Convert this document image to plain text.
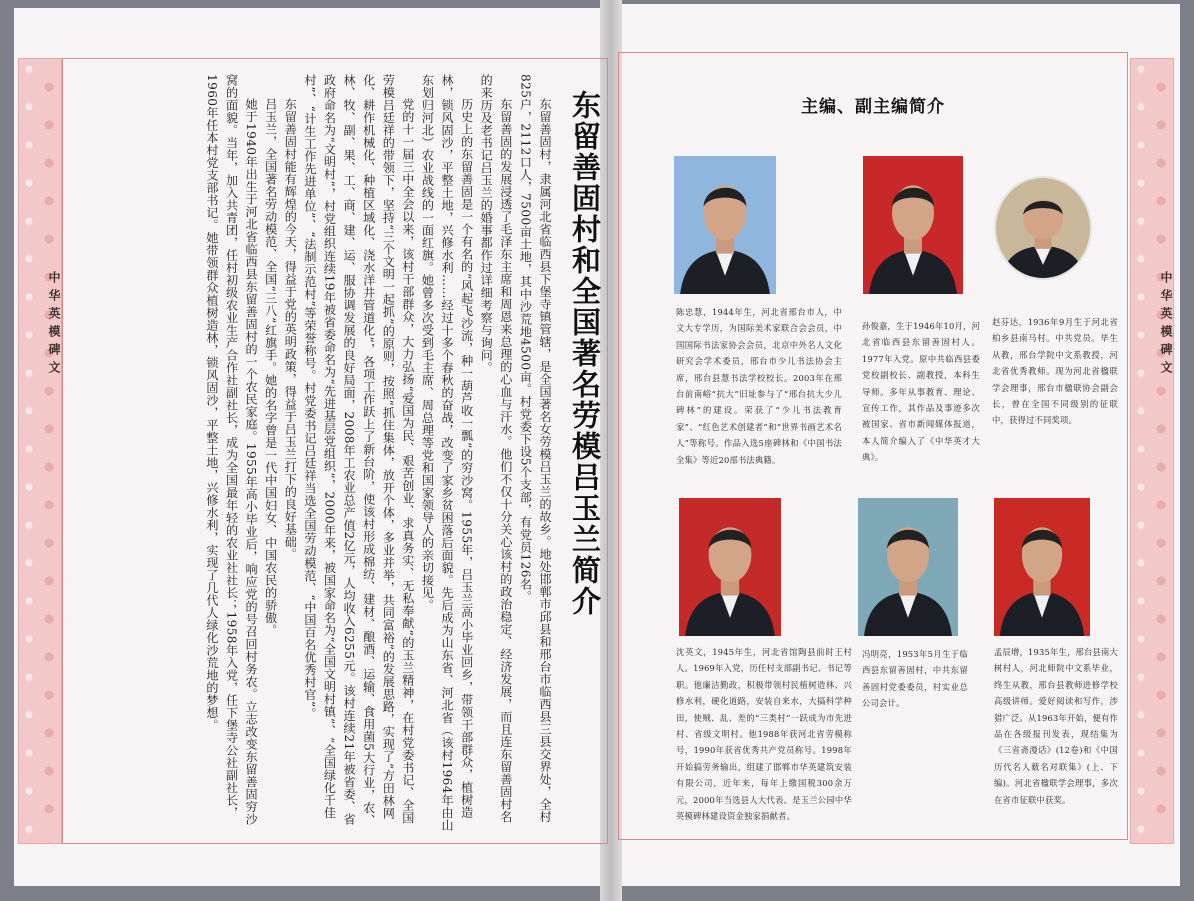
中华英模碑文	中华英模碑文
东留善固村和全国著名劳模吕玉兰简介

东留善固村，隶属河北省临西县下堡寺镇管辖，是全国著名女劳模吕玉兰的故乡。地处邯郸市邱县和邢台市临西县三县交界处，全村825户，2112口人，7500亩土地，其中沙荒地4500亩。村党委下设5个支部，有党员126名。

东留善固的发展浸透了毛泽东主席和周恩来总理的心血与汗水。他们不仅十分关心该村的政治稳定、经济发展，而且连东留善固村名的来历及老书记吕玉兰的婚事都作过详细考察与询问。

历史上的东留善固是一个有名的“风起飞沙流，种一葫芦收一瓢”的穷沙窝。1955年，吕玉兰高小毕业回乡，带领干部群众，植树造林，锁风固沙，平整土地，兴修水利……经过十多个春秋的奋战，改变了家乡贫困落后面貌。先后成为山东省、河北省（该村1964年由山东划归河北）农业战线的一面红旗。她曾多次受到毛主席、周总理等党和国家领导人的亲切接见。

党的十一届三中全会以来，该村干部群众，大力弘扬“爱国为民、艰苦创业、求真务实、无私奉献”的玉兰精神，在村党委书记、全国劳模吕廷祥的带领下，坚持“三个文明一起抓”的原则，按照“抓住集体，放开个体，多业并举，共同富裕”的发展思路，实现了“方田林网化、耕作机械化、种植区域化、浇水洋井管道化”，各项工作跃上了新台阶，使该村形成棉纺、建材、酿酒、运输、食用菌5大行业，农、林、牧、副、果、工、商、建、运、服协调发展的良好局面，2008年工农业总产值2亿元，人均收入6255元。该村连续21年被省委、省政府命名为“文明村”，村党组织连续19年被省委命名为“先进基层党组织”，2000年来，被国家命名为“全国文明村镇”、“全国绿化千佳村”、“计生工作先进单位”、“法制示范村”等荣誉称号。村党委书记吕廷祥当选全国劳动模范、“中国百名优秀村官”。

东留善固村能有辉煌的今天，得益于党的英明政策，得益于吕玉兰打下的良好基础。

吕玉兰，全国著名劳动模范、全国“三八”红旗手。她的名字曾是一代中国妇女、中国农民的骄傲。

她于1940年出生于河北省临西县东留善固村的一个农民家庭。1955年高小毕业后，响应党的号召回村务农。立志改变东留善固穷沙窝的面貌。当年，加入共青团，任村初级农业生产合作社副社长，成为全国最年轻的农业社社长；1958年入党，任下堡寺公社副社长，1960年任本村党支部书记。她带领群众植树造林，锁风固沙，平整土地，兴修水利，实现了几代人绿化沙荒地的梦想。	主编、副主编简介

陈忠慧，1944年生，河北省邢台市人，中文大专学历，为国际美术家联合会会员，中国国际书法家协会会员，北京中外名人文化研究会学术委员，邢台市少儿书法协会主席，邢台县慧书法学校校长。2003年在邢台前南峪“抗大”旧址参与了“邢台抗大少儿碑林”的建设。荣获了“少儿书法教育家”、“红色艺术创建者”和“世界书画艺术名人”等称号。作品入选5座碑林和《中国书法全集》等近20部书法典籍。

孙俊嘉，生于1946年10月，河北省临西县东留善固村人。1977年入党。原中共临西县委党校副校长、副教授，本科生导师。多年从事教育、理论、宣传工作，其作品及事迹多次被国家、省市新闻媒体报道，本人简介编入了《中华英才大典》。

赵芬达，1936年9月生于河北省柏乡县南马村。中共党员。毕生从教，邢台学院中文系教授，河北省优秀教师。现为河北省楹联学会理事，邢台市楹联协会副会长，曾在全国不同级别的征联中，获得过不同奖项。

沈英文，1945年生，河北省馆陶县前时王村人。1969年入党，历任村支部副书记、书记等职。他廉洁勤政，积极带领村民植树造林、兴修水利，硬化道路，安装自来水，大搞科学种田，使贼、乱、差的“三类村”一跃成为市先进村、省级文明村。他1988年获河北省劳模称号，1990年获省优秀共产党员称号。1998年开始搞劳务输出，组建了邯郸市华英建筑安装有限公司，近年来，每年上缴国税300余万元，2000年当选县人大代表。是玉兰公园中华英模碑林建设资金独家捐献者。

冯明亮，1953年5月生于临西县东留善固村，中共东留善固村党委委员，村实业总公司会计。

孟辰增，1935年生，邢台县南大树村人，河北师院中文系毕业，终生从教，邢台县教师进修学校高级讲师。爱好阅读和写作，涉猎广泛。从1963年开始，便有作品在各级报刊发表，现结集为《三省斋漫话》(12卷)和《中国历代名人薮名对联集》(上、下编)。河北省楹联学会理事，多次在省市征联中获奖。
